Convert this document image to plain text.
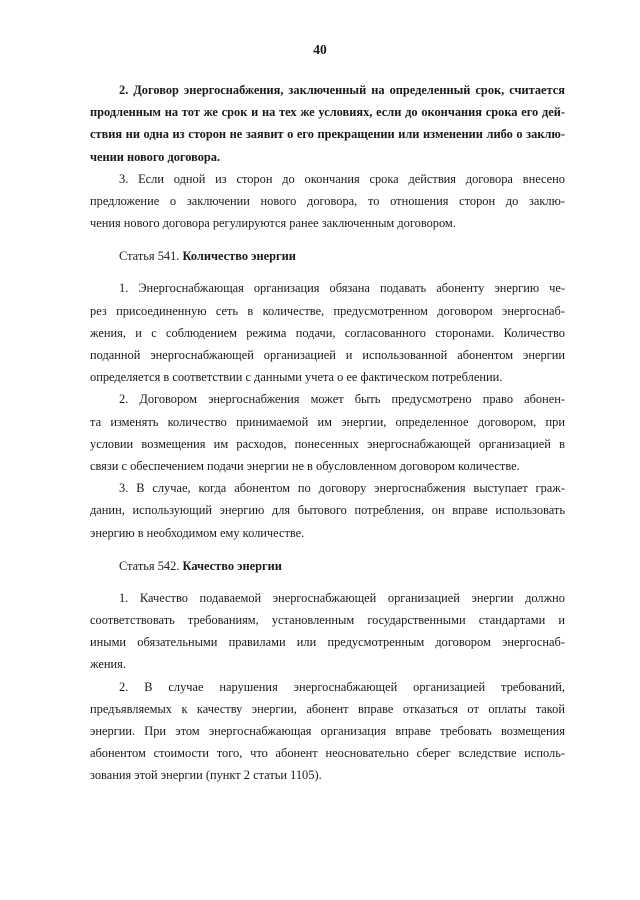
40
2. Договор энергоснабжения, заключенный на определенный срок, считается
продленным на тот же срок и на тех же условиях, если до окончания срока его дей-
ствия ни одна из сторон не заявит о его прекращении или изменении либо о заклю-
чении нового договора.
3. Если одной из сторон до окончания срока действия договора внесено
предложение о заключении нового договора, то отношения сторон до заклю-
чения нового договора регулируются ранее заключенным договором.
Статья 541. Количество энергии
1. Энергоснабжающая организация обязана подавать абоненту энергию че-
рез присоединенную сеть в количестве, предусмотренном договором энергоснаб-
жения, и с соблюдением режима подачи, согласованного сторонами. Количество
поданной энергоснабжающей организацией и использованной абонентом энергии
определяется в соответствии с данными учета о ее фактическом потреблении.
2. Договором энергоснабжения может быть предусмотрено право абонен-
та изменять количество принимаемой им энергии, определенное договором, при
условии возмещения им расходов, понесенных энергоснабжающей организацией в
связи с обеспечением подачи энергии не в обусловленном договором количестве.
3. В случае, когда абонентом по договору энергоснабжения выступает граж-
данин, использующий энергию для бытового потребления, он вправе использовать
энергию в необходимом ему количестве.
Статья 542. Качество энергии
1. Качество подаваемой энергоснабжающей организацией энергии должно
соответствовать требованиям, установленным государственными стандартами и
иными обязательными правилами или предусмотренным договором энергоснаб-
жения.
2. В случае нарушения энергоснабжающей организацией требований,
предъявляемых к качеству энергии, абонент вправе отказаться от оплаты такой
энергии. При этом энергоснабжающая организация вправе требовать возмещения
абонентом стоимости того, что абонент неосновательно сберег вследствие исполь-
зования этой энергии (пункт 2 статьи 1105).
